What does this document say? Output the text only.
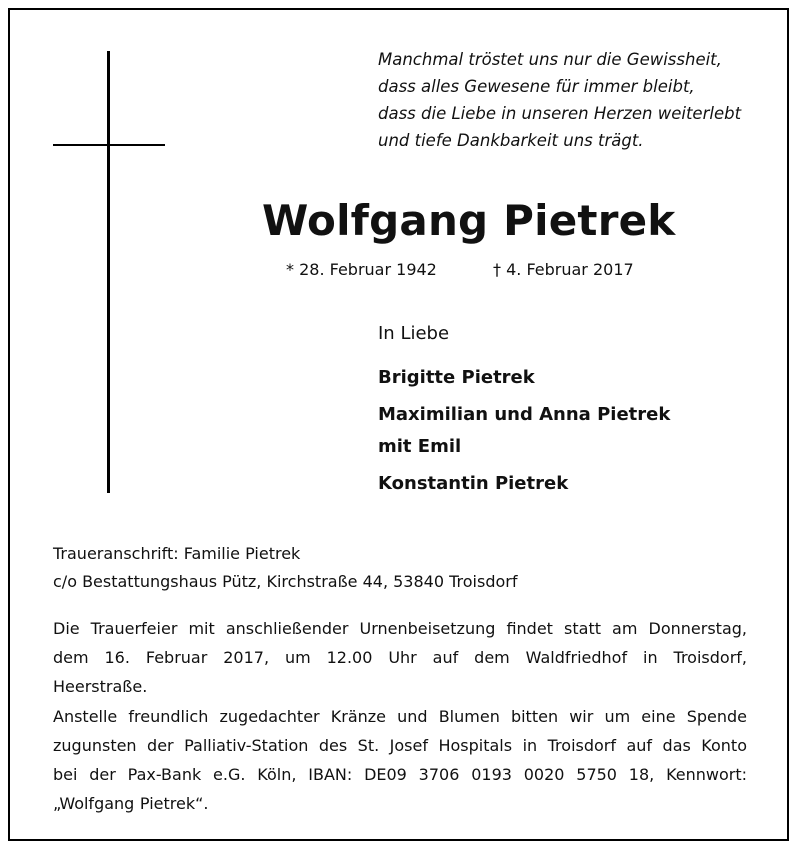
Manchmal tröstet uns nur die Gewissheit,
dass alles Gewesene für immer bleibt,
dass die Liebe in unseren Herzen weiterlebt
und tiefe Dankbarkeit uns trägt.
Wolfgang Pietrek
* 28. Februar 1942	† 4. Februar 2017
In Liebe
Brigitte Pietrek
Maximilian und Anna Pietrek
mit Emil
Konstantin Pietrek
Traueranschrift: Familie Pietrek
c/o Bestattungshaus Pütz, Kirchstraße 44, 53840 Troisdorf
Die Trauerfeier mit anschließender Urnenbeisetzung findet statt am Donnerstag,
dem 16. Februar 2017, um 12.00 Uhr auf dem Waldfriedhof in Troisdorf,
Heerstraße.
Anstelle freundlich zugedachter Kränze und Blumen bitten wir um eine Spende
zugunsten der Palliativ-Station des St. Josef Hospitals in Troisdorf auf das Konto
bei der Pax-Bank e.G. Köln, IBAN: DE09 3706 0193 0020 5750 18, Kennwort:
„Wolfgang Pietrek“.
